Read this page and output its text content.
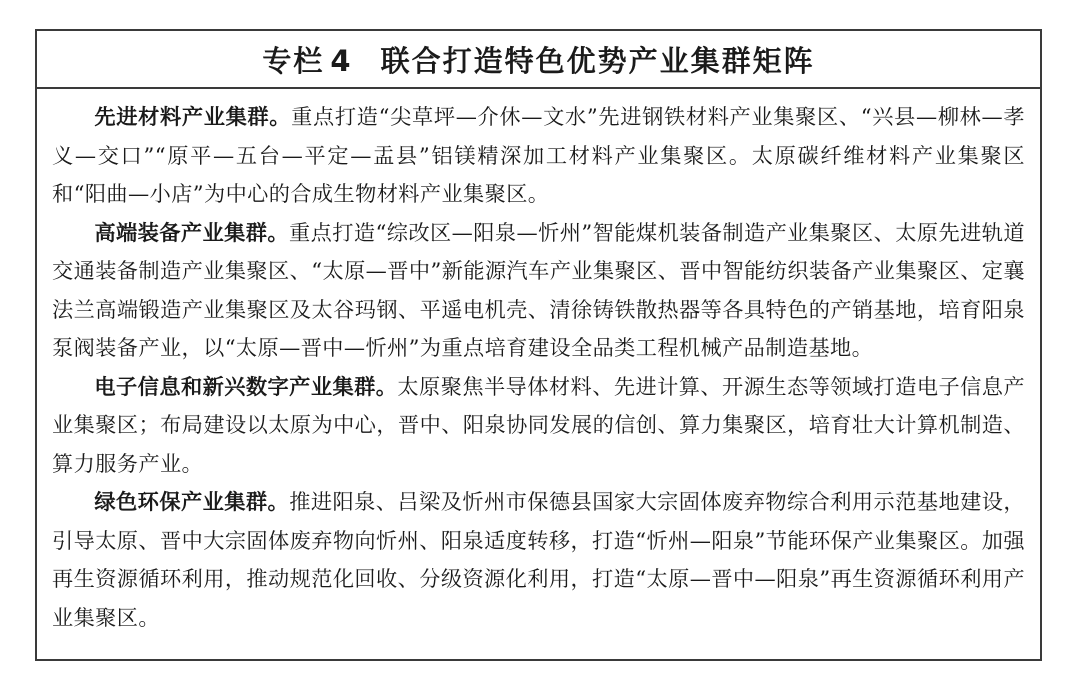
专栏 4 联合打造特色优势产业集群矩阵

先进材料产业集群。重点打造“尖草坪—介休—文水”先进钢铁材料产业集聚区、“兴县—柳林—孝义—交口”“原平—五台—平定—盂县”铝镁精深加工材料产业集聚区。太原碳纤维材料产业集聚区和“阳曲—小店”为中心的合成生物材料产业集聚区。

高端装备产业集群。重点打造“综改区—阳泉—忻州”智能煤机装备制造产业集聚区、太原先进轨道交通装备制造产业集聚区、“太原—晋中”新能源汽车产业集聚区、晋中智能纺织装备产业集聚区、定襄法兰高端锻造产业集聚区及太谷玛钢、平遥电机壳、清徐铸铁散热器等各具特色的产销基地，培育阳泉泵阀装备产业，以“太原—晋中—忻州”为重点培育建设全品类工程机械产品制造基地。

电子信息和新兴数字产业集群。太原聚焦半导体材料、先进计算、开源生态等领域打造电子信息产业集聚区；布局建设以太原为中心，晋中、阳泉协同发展的信创、算力集聚区，培育壮大计算机制造、算力服务产业。

绿色环保产业集群。推进阳泉、吕梁及忻州市保德县国家大宗固体废弃物综合利用示范基地建设，引导太原、晋中大宗固体废弃物向忻州、阳泉适度转移，打造“忻州—阳泉”节能环保产业集聚区。加强再生资源循环利用，推动规范化回收、分级资源化利用，打造“太原—晋中—阳泉”再生资源循环利用产业集聚区。
